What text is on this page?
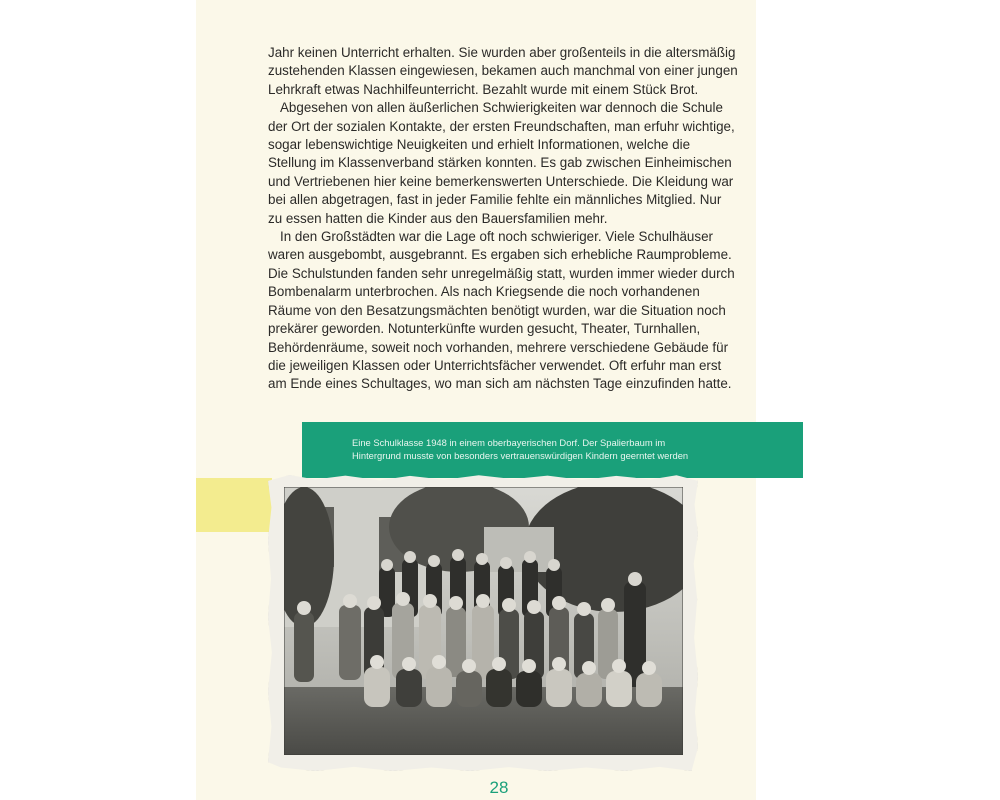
Jahr keinen Unterricht erhalten. Sie wurden aber großenteils in die altersmäßig zustehenden Klassen eingewiesen, bekamen auch manchmal von einer jungen Lehrkraft etwas Nachhilfeunterricht. Bezahlt wurde mit einem Stück Brot.

Abgesehen von allen äußerlichen Schwierigkeiten war dennoch die Schule der Ort der sozialen Kontakte, der ersten Freundschaften, man erfuhr wichtige, sogar lebenswichtige Neuigkeiten und erhielt Informationen, welche die Stellung im Klassenverband stärken konnten. Es gab zwischen Einheimischen und Vertriebenen hier keine bemerkenswerten Unterschiede. Die Kleidung war bei allen abgetragen, fast in jeder Familie fehlte ein männliches Mitglied. Nur zu essen hatten die Kinder aus den Bauersfamilien mehr.

In den Großstädten war die Lage oft noch schwieriger. Viele Schulhäuser waren ausgebombt, ausgebrannt. Es ergaben sich erhebliche Raumprobleme. Die Schulstunden fanden sehr unregelmäßig statt, wurden immer wieder durch Bombenalarm unterbrochen. Als nach Kriegsende die noch vorhandenen Räume von den Besatzungsmächten benötigt wurden, war die Situation noch prekärer geworden. Notunterkünfte wurden gesucht, Theater, Turnhallen, Behördenräume, soweit noch vorhanden, mehrere verschiedene Gebäude für die jeweiligen Klassen oder Unterrichtsfächer verwendet. Oft erfuhr man erst am Ende eines Schultages, wo man sich am nächsten Tage einzufinden hatte.

Eine Schulklasse 1948 in einem oberbayerischen Dorf. Der Spalierbaum im
Hintergrund musste von besonders vertrauenswürdigen Kindern geerntet werden
28
